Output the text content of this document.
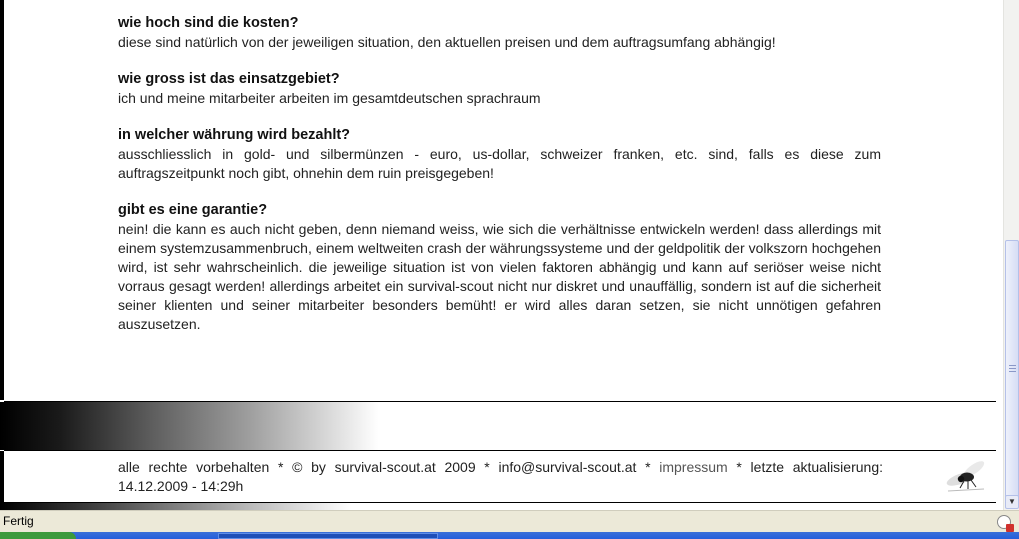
wie hoch sind die kosten?

diese sind natürlich von der jeweiligen situation, den aktuellen preisen und dem auftragsumfang abhängig!

wie gross ist das einsatzgebiet?

ich und meine mitarbeiter arbeiten im gesamtdeutschen sprachraum

in welcher währung wird bezahlt?

ausschliesslich in gold- und silbermünzen - euro, us-dollar, schweizer franken, etc. sind, falls es diese zum auftragszeitpunkt noch gibt, ohnehin dem ruin preisgegeben!

gibt es eine garantie?

nein! die kann es auch nicht geben, denn niemand weiss, wie sich die verhältnisse entwickeln werden! dass allerdings mit einem systemzusammenbruch, einem weltweiten crash der währungssysteme und der geldpolitik der volkszorn hochgehen wird, ist sehr wahrscheinlich. die jeweilige situation ist von vielen faktoren abhängig und kann auf seriöser weise nicht vorraus gesagt werden! allerdings arbeitet ein survival-scout nicht nur diskret und unauffällig, sondern ist auf die sicherheit seiner klienten und seiner mitarbeiter besonders bemüht! er wird alles daran setzen, sie nicht unnötigen gefahren auszusetzen.

alle rechte vorbehalten * © by survival-scout.at 2009 * info@survival-scout.at * impressum * letzte aktualisierung: 14.12.2009 - 14:29h
▼
Fertig
